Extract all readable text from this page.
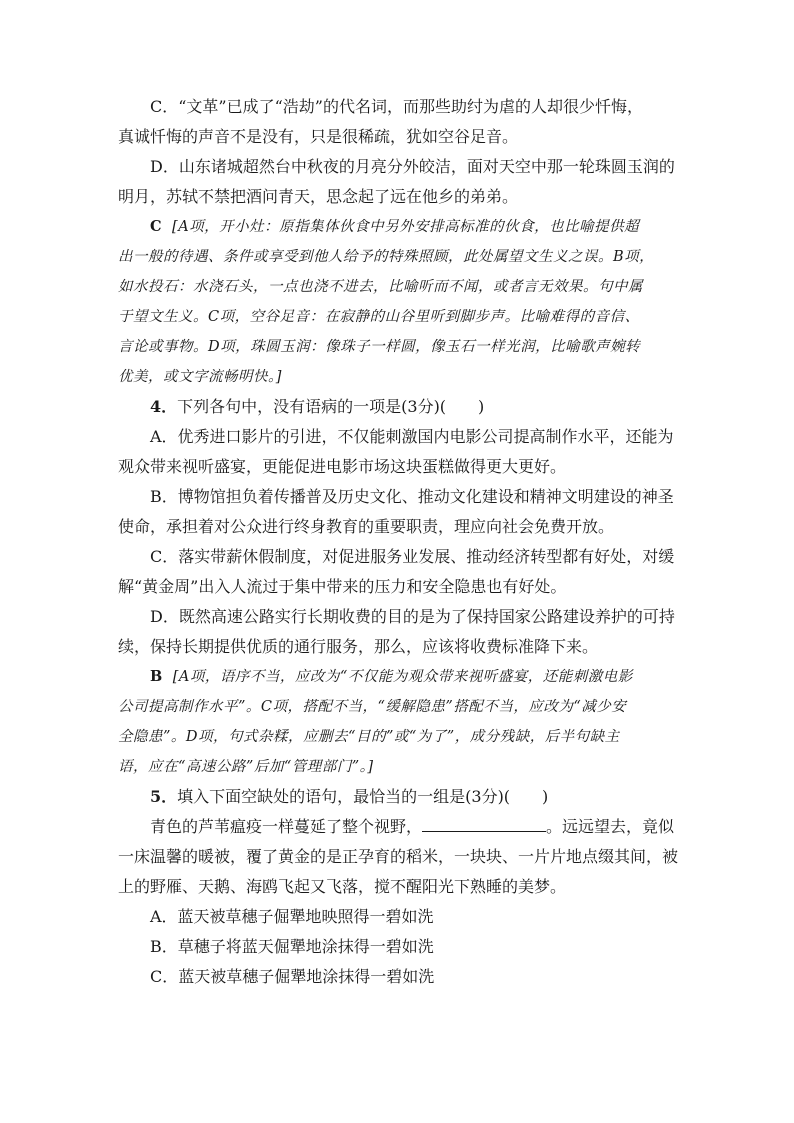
C．“文革”已成了“浩劫”的代名词，而那些助纣为虐的人却很少忏悔，
真诚忏悔的声音不是没有，只是很稀疏，犹如空谷足音。
D．山东诸城超然台中秋夜的月亮分外皎洁，面对天空中那一轮珠圆玉润的
明月，苏轼不禁把酒问青天，思念起了远在他乡的弟弟。
C [A项，开小灶：原指集体伙食中另外安排高标准的伙食，也比喻提供超
出一般的待遇、条件或享受到他人给予的特殊照顾，此处属望文生义之误。B项，
如水投石：水浇石头，一点也浇不进去，比喻听而不闻，或者言无效果。句中属
于望文生义。C项，空谷足音：在寂静的山谷里听到脚步声。比喻难得的音信、
言论或事物。D项，珠圆玉润：像珠子一样圆，像玉石一样光润，比喻歌声婉转
优美，或文字流畅明快。]
4．下列各句中，没有语病的一项是(3分)(　　)
A．优秀进口影片的引进，不仅能刺激国内电影公司提高制作水平，还能为
观众带来视听盛宴，更能促进电影市场这块蛋糕做得更大更好。
B．博物馆担负着传播普及历史文化、推动文化建设和精神文明建设的神圣
使命，承担着对公众进行终身教育的重要职责，理应向社会免费开放。
C．落实带薪休假制度，对促进服务业发展、推动经济转型都有好处，对缓
解“黄金周”出入人流过于集中带来的压力和安全隐患也有好处。
D．既然高速公路实行长期收费的目的是为了保持国家公路建设养护的可持
续，保持长期提供优质的通行服务，那么，应该将收费标准降下来。
B [A项，语序不当，应改为“不仅能为观众带来视听盛宴，还能刺激电影
公司提高制作水平”。C项，搭配不当，“缓解隐患”搭配不当，应改为“减少安
全隐患”。D项，句式杂糅，应删去“目的”或“为了”，成分残缺，后半句缺主
语，应在“高速公路”后加“管理部门”。]
5．填入下面空缺处的语句，最恰当的一组是(3分)(　　)
青色的芦苇瘟疫一样蔓延了整个视野，	。远远望去，竟似
一床温馨的暖被，覆了黄金的是正孕育的稻米，一块块、一片片地点缀其间，被
上的野雁、天鹅、海鸥飞起又飞落，搅不醒阳光下熟睡的美梦。
A．蓝天被草穗子倔犟地映照得一碧如洗
B．草穗子将蓝天倔犟地涂抹得一碧如洗
C．蓝天被草穗子倔犟地涂抹得一碧如洗
